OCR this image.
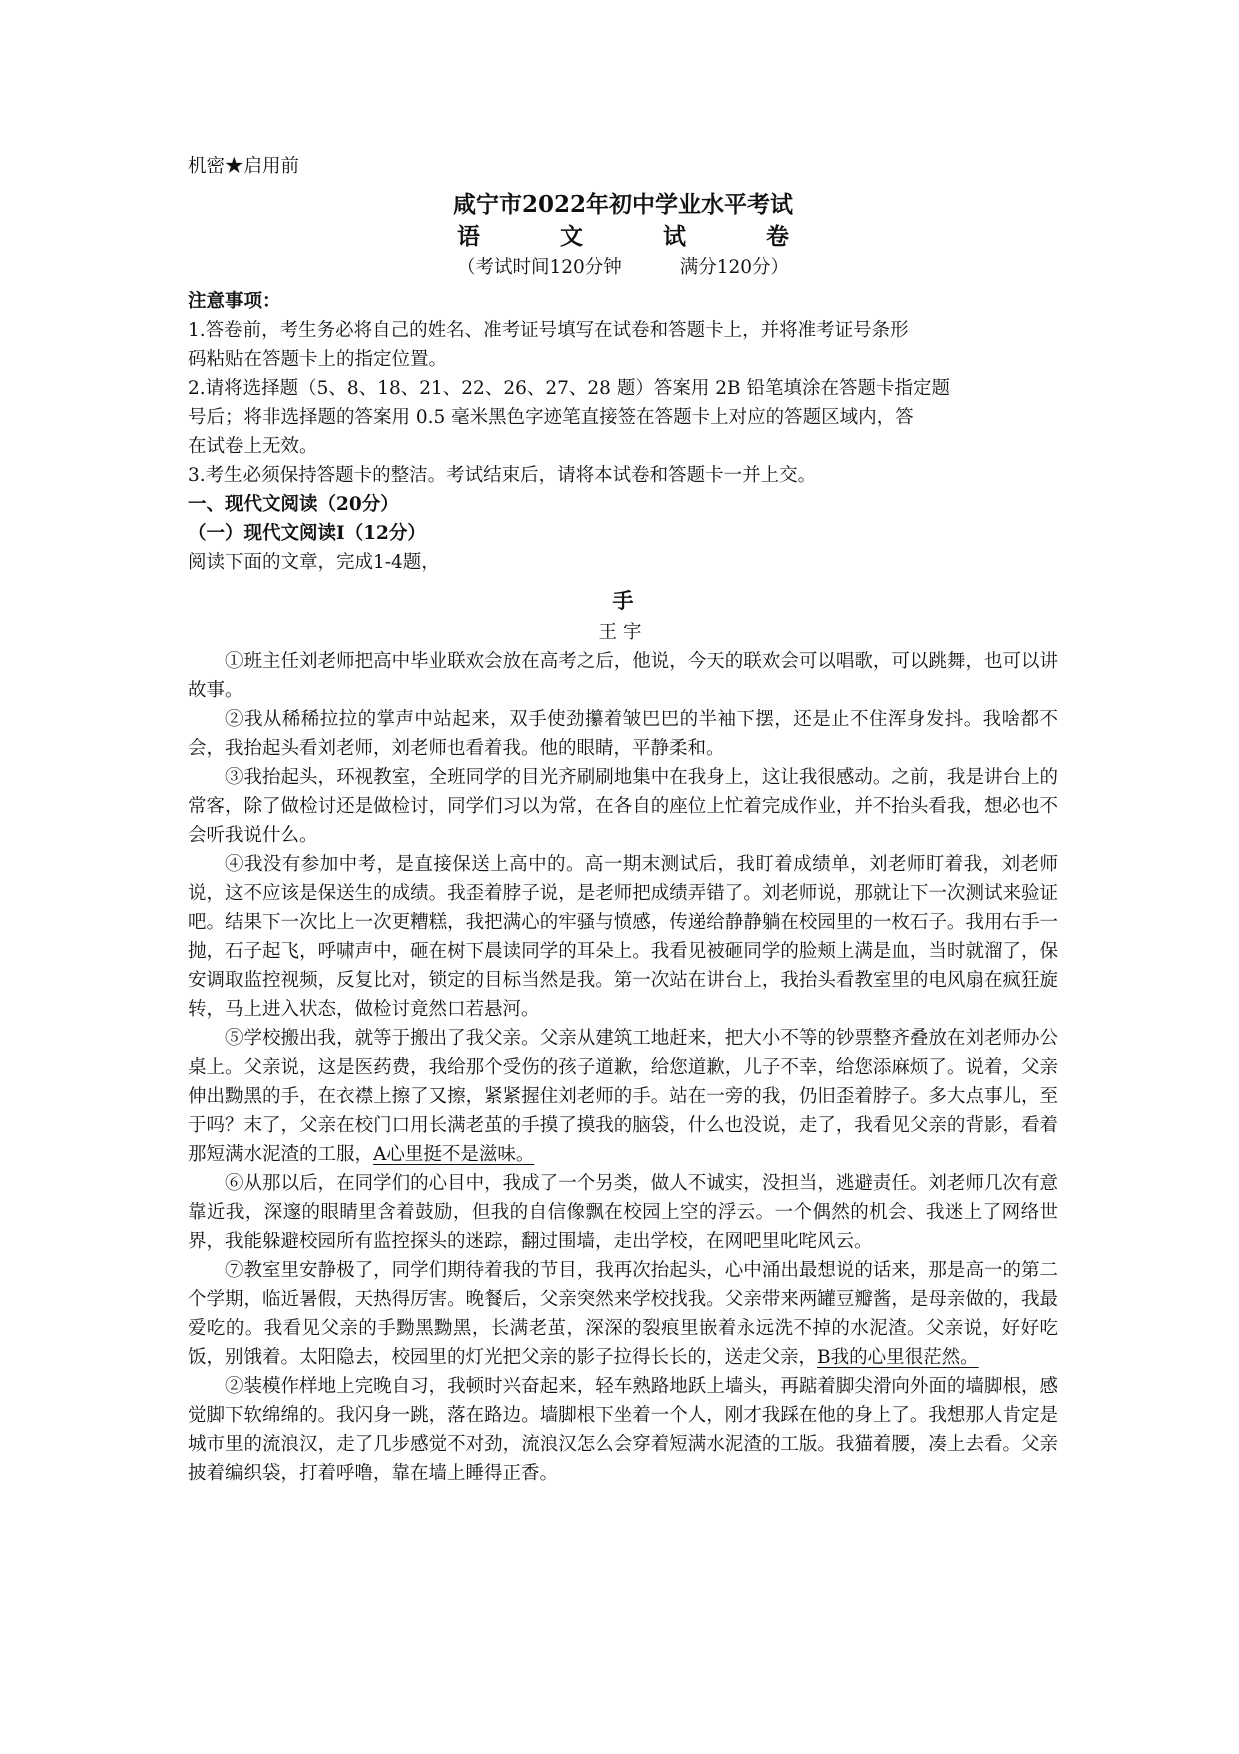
机密★启用前
咸宁市2022年初中学业水平考试
语	文	试	卷
（考试时间120分钟	满分120分）
注意事项：
1.答卷前，考生务必将自己的姓名、准考证号填写在试卷和答题卡上，并将准考证号条形
码粘贴在答题卡上的指定位置。
2.请将选择题（5、8、18、21、22、26、27、28 题）答案用 2B 铅笔填涂在答题卡指定题
号后；将非选择题的答案用 0.5 毫米黑色字迹笔直接签在答题卡上对应的答题区域内，答
在试卷上无效。
3.考生必须保持答题卡的整洁。考试结束后，请将本试卷和答题卡一并上交。
一、现代文阅读（20分）
（一）现代文阅读Ⅰ（12分）
阅读下面的文章，完成1-4题，
手
王宇
①班主任刘老师把高中毕业联欢会放在高考之后，他说，今天的联欢会可以唱歌，可以跳舞，也可以讲故事。
②我从稀稀拉拉的掌声中站起来，双手使劲攥着皱巴巴的半袖下摆，还是止不住浑身发抖。我啥都不会，我抬起头看刘老师，刘老师也看着我。他的眼睛，平静柔和。
③我抬起头，环视教室，全班同学的目光齐刷刷地集中在我身上，这让我很感动。之前，我是讲台上的常客，除了做检讨还是做检讨，同学们习以为常，在各自的座位上忙着完成作业，并不抬头看我，想必也不会听我说什么。
④我没有参加中考，是直接保送上高中的。高一期末测试后，我盯着成绩单，刘老师盯着我，刘老师说，这不应该是保送生的成绩。我歪着脖子说，是老师把成绩弄错了。刘老师说，那就让下一次测试来验证吧。结果下一次比上一次更糟糕，我把满心的牢骚与愤感，传递给静静躺在校园里的一枚石子。我用右手一抛，石子起飞，呼啸声中，砸在树下晨读同学的耳朵上。我看见被砸同学的脸颊上满是血，当时就溜了，保安调取监控视频，反复比对，锁定的目标当然是我。第一次站在讲台上，我抬头看教室里的电风扇在疯狂旋转，马上进入状态，做检讨竟然口若悬河。
⑤学校搬出我，就等于搬出了我父亲。父亲从建筑工地赶来，把大小不等的钞票整齐叠放在刘老师办公桌上。父亲说，这是医药费，我给那个受伤的孩子道歉，给您道歉，儿子不幸，给您添麻烦了。说着，父亲伸出黝黑的手，在衣襟上擦了又擦，紧紧握住刘老师的手。站在一旁的我，仍旧歪着脖子。多大点事儿，至于吗？末了，父亲在校门口用长满老茧的手摸了摸我的脑袋，什么也没说，走了，我看见父亲的背影，看着那短满水泥渣的工服，A心里挺不是滋味。
⑥从那以后，在同学们的心目中，我成了一个另类，做人不诚实，没担当，逃避责任。刘老师几次有意靠近我，深邃的眼睛里含着鼓励，但我的自信像飘在校园上空的浮云。一个偶然的机会、我迷上了网络世界，我能躲避校园所有监控探头的迷踪，翻过围墙，走出学校，在网吧里叱咤风云。
⑦教室里安静极了，同学们期待着我的节目，我再次抬起头，心中涌出最想说的话来，那是高一的第二个学期，临近暑假，天热得厉害。晚餐后，父亲突然来学校找我。父亲带来两罐豆瓣酱，是母亲做的，我最爱吃的。我看见父亲的手黝黑黝黑，长满老茧，深深的裂痕里嵌着永远洗不掉的水泥渣。父亲说，好好吃饭，别饿着。太阳隐去，校园里的灯光把父亲的影子拉得长长的，送走父亲，B我的心里很茫然。
②装模作样地上完晚自习，我顿时兴奋起来，轻车熟路地跃上墙头，再踮着脚尖滑向外面的墙脚根，感觉脚下软绵绵的。我闪身一跳，落在路边。墙脚根下坐着一个人，刚才我踩在他的身上了。我想那人肯定是城市里的流浪汉，走了几步感觉不对劲，流浪汉怎么会穿着短满水泥渣的工版。我猫着腰，凑上去看。父亲披着编织袋，打着呼噜，靠在墙上睡得正香。
